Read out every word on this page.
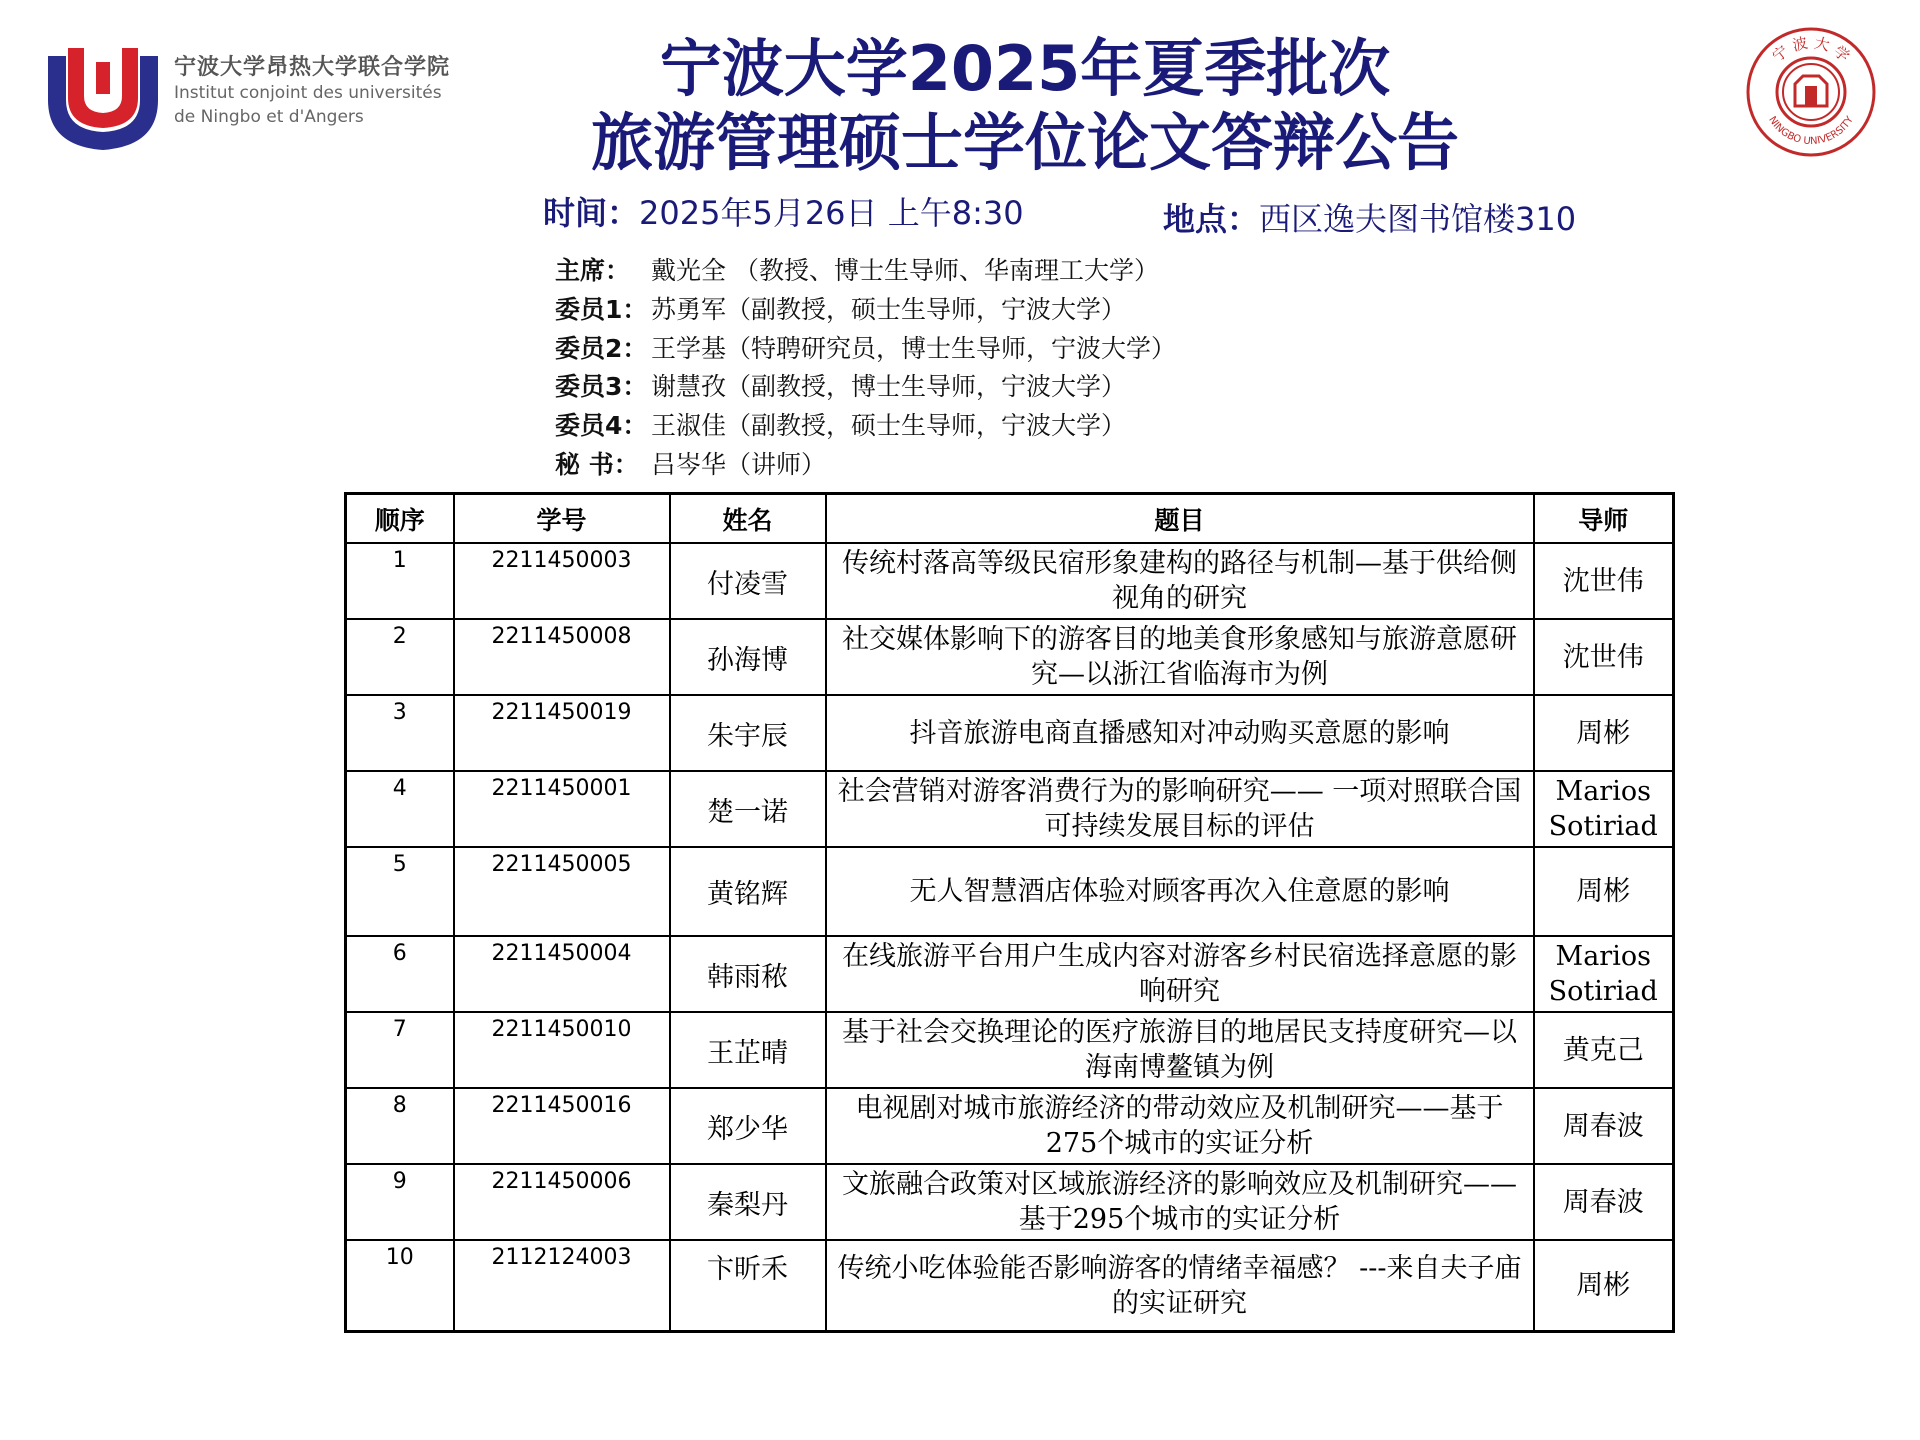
宁波大学昂热大学联合学院
Institut conjoint des universités
de Ningbo et d'Angers
宁 波 大 学
NINGBO UNIVERSITY
宁波大学2025年夏季批次
旅游管理硕士学位论文答辩公告
时间：2025年5月26日 上午8:30	地点：西区逸夫图书馆楼310
主席： 戴光全 （教授、博士生导师、华南理工大学）
委员1： 苏勇军（副教授，硕士生导师，宁波大学）
委员2： 王学基（特聘研究员，博士生导师，宁波大学）
委员3： 谢慧孜（副教授，博士生导师，宁波大学）
委员4： 王淑佳（副教授，硕士生导师，宁波大学）
秘 书： 吕岑华（讲师）
顺序	学号	姓名	题目	导师
1	2211450003	付凌雪	传统村落高等级民宿形象建构的路径与机制—基于供给侧视角的研究	沈世伟
2	2211450008	孙海博	社交媒体影响下的游客目的地美食形象感知与旅游意愿研究—以浙江省临海市为例	沈世伟
3	2211450019	朱宇辰	抖音旅游电商直播感知对冲动购买意愿的影响	周彬
4	2211450001	楚一诺	社会营销对游客消费行为的影响研究—— 一项对照联合国可持续发展目标的评估	Marios Sotiriad
5	2211450005	黄铭辉	无人智慧酒店体验对顾客再次入住意愿的影响	周彬
6	2211450004	韩雨秾	在线旅游平台用户生成内容对游客乡村民宿选择意愿的影响研究	Marios Sotiriad
7	2211450010	王芷晴	基于社会交换理论的医疗旅游目的地居民支持度研究—以海南博鳌镇为例	黄克己
8	2211450016	郑少华	电视剧对城市旅游经济的带动效应及机制研究——基于275个城市的实证分析	周春波
9	2211450006	秦梨丹	文旅融合政策对区域旅游经济的影响效应及机制研究——基于295个城市的实证分析	周春波
10	2112124003	卞昕禾	传统小吃体验能否影响游客的情绪幸福感？ ---来自夫子庙的实证研究	周彬
